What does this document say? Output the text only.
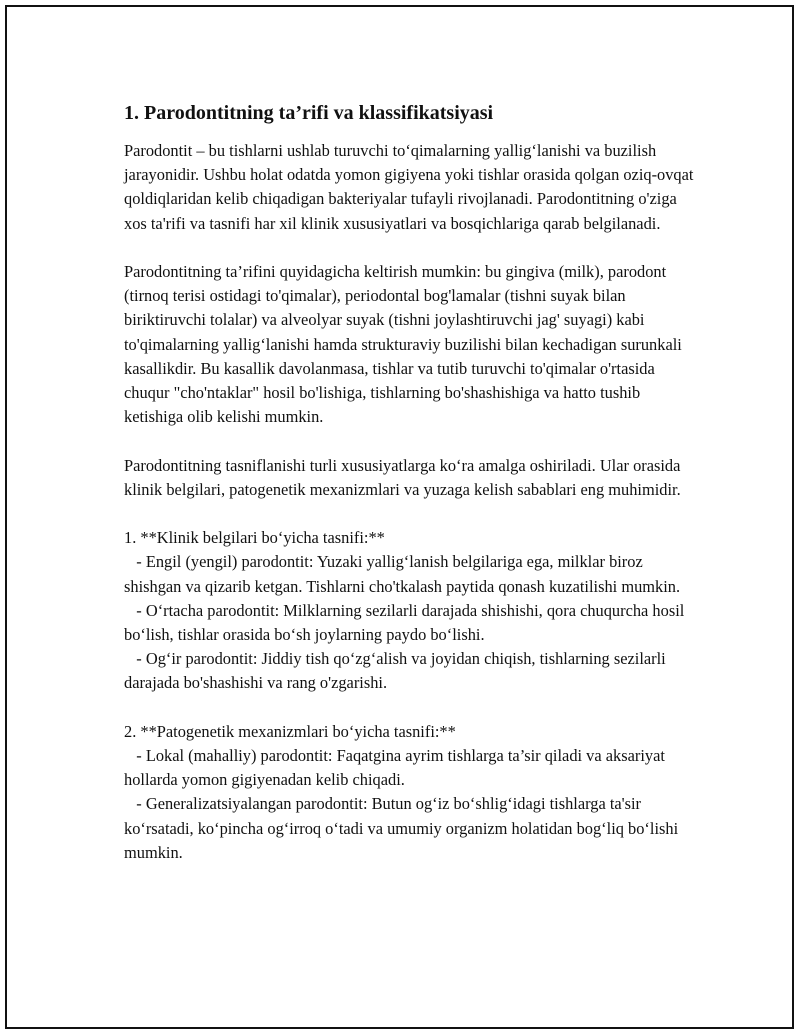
1. Parodontitning ta’rifi va klassifikatsiyasi

Parodontit – bu tishlarni ushlab turuvchi to‘qimalarning yallig‘lanishi va buzilish jarayonidir. Ushbu holat odatda yomon gigiyena yoki tishlar orasida qolgan oziq-ovqat qoldiqlaridan kelib chiqadigan bakteriyalar tufayli rivojlanadi. Parodontitning o'ziga xos ta'rifi va tasnifi har xil klinik xususiyatlari va bosqichlariga qarab belgilanadi.

Parodontitning ta’rifini quyidagicha keltirish mumkin: bu gingiva (milk), parodont (tirnoq terisi ostidagi to'qimalar), periodontal bog'lamalar (tishni suyak bilan biriktiruvchi tolalar) va alveolyar suyak (tishni joylashtiruvchi jag' suyagi) kabi to'qimalarning yallig‘lanishi hamda strukturaviy buzilishi bilan kechadigan surunkali kasallikdir. Bu kasallik davolanmasa, tishlar va tutib turuvchi to'qimalar o'rtasida chuqur "cho'ntaklar" hosil bo'lishiga, tishlarning bo'shashishiga va hatto tushib ketishiga olib kelishi mumkin.

Parodontitning tasniflanishi turli xususiyatlarga ko‘ra amalga oshiriladi. Ular orasida klinik belgilari, patogenetik mexanizmlari va yuzaga kelish sabablari eng muhimidir.

1. **Klinik belgilari bo‘yicha tasnifi:**
- Engil (yengil) parodontit: Yuzaki yallig‘lanish belgilariga ega, milklar biroz shishgan va qizarib ketgan. Tishlarni cho'tkalash paytida qonash kuzatilishi mumkin.
- O‘rtacha parodontit: Milklarning sezilarli darajada shishishi, qora chuqurcha hosil bo‘lish, tishlar orasida bo‘sh joylarning paydo bo‘lishi.
- Og‘ir parodontit: Jiddiy tish qo‘zg‘alish va joyidan chiqish, tishlarning sezilarli darajada bo'shashishi va rang o'zgarishi.
2. **Patogenetik mexanizmlari bo‘yicha tasnifi:**
- Lokal (mahalliy) parodontit: Faqatgina ayrim tishlarga ta’sir qiladi va aksariyat hollarda yomon gigiyenadan kelib chiqadi.
- Generalizatsiyalangan parodontit: Butun og‘iz bo‘shlig‘idagi tishlarga ta'sir ko‘rsatadi, ko‘pincha og‘irroq o‘tadi va umumiy organizm holatidan bog‘liq bo‘lishi mumkin.
